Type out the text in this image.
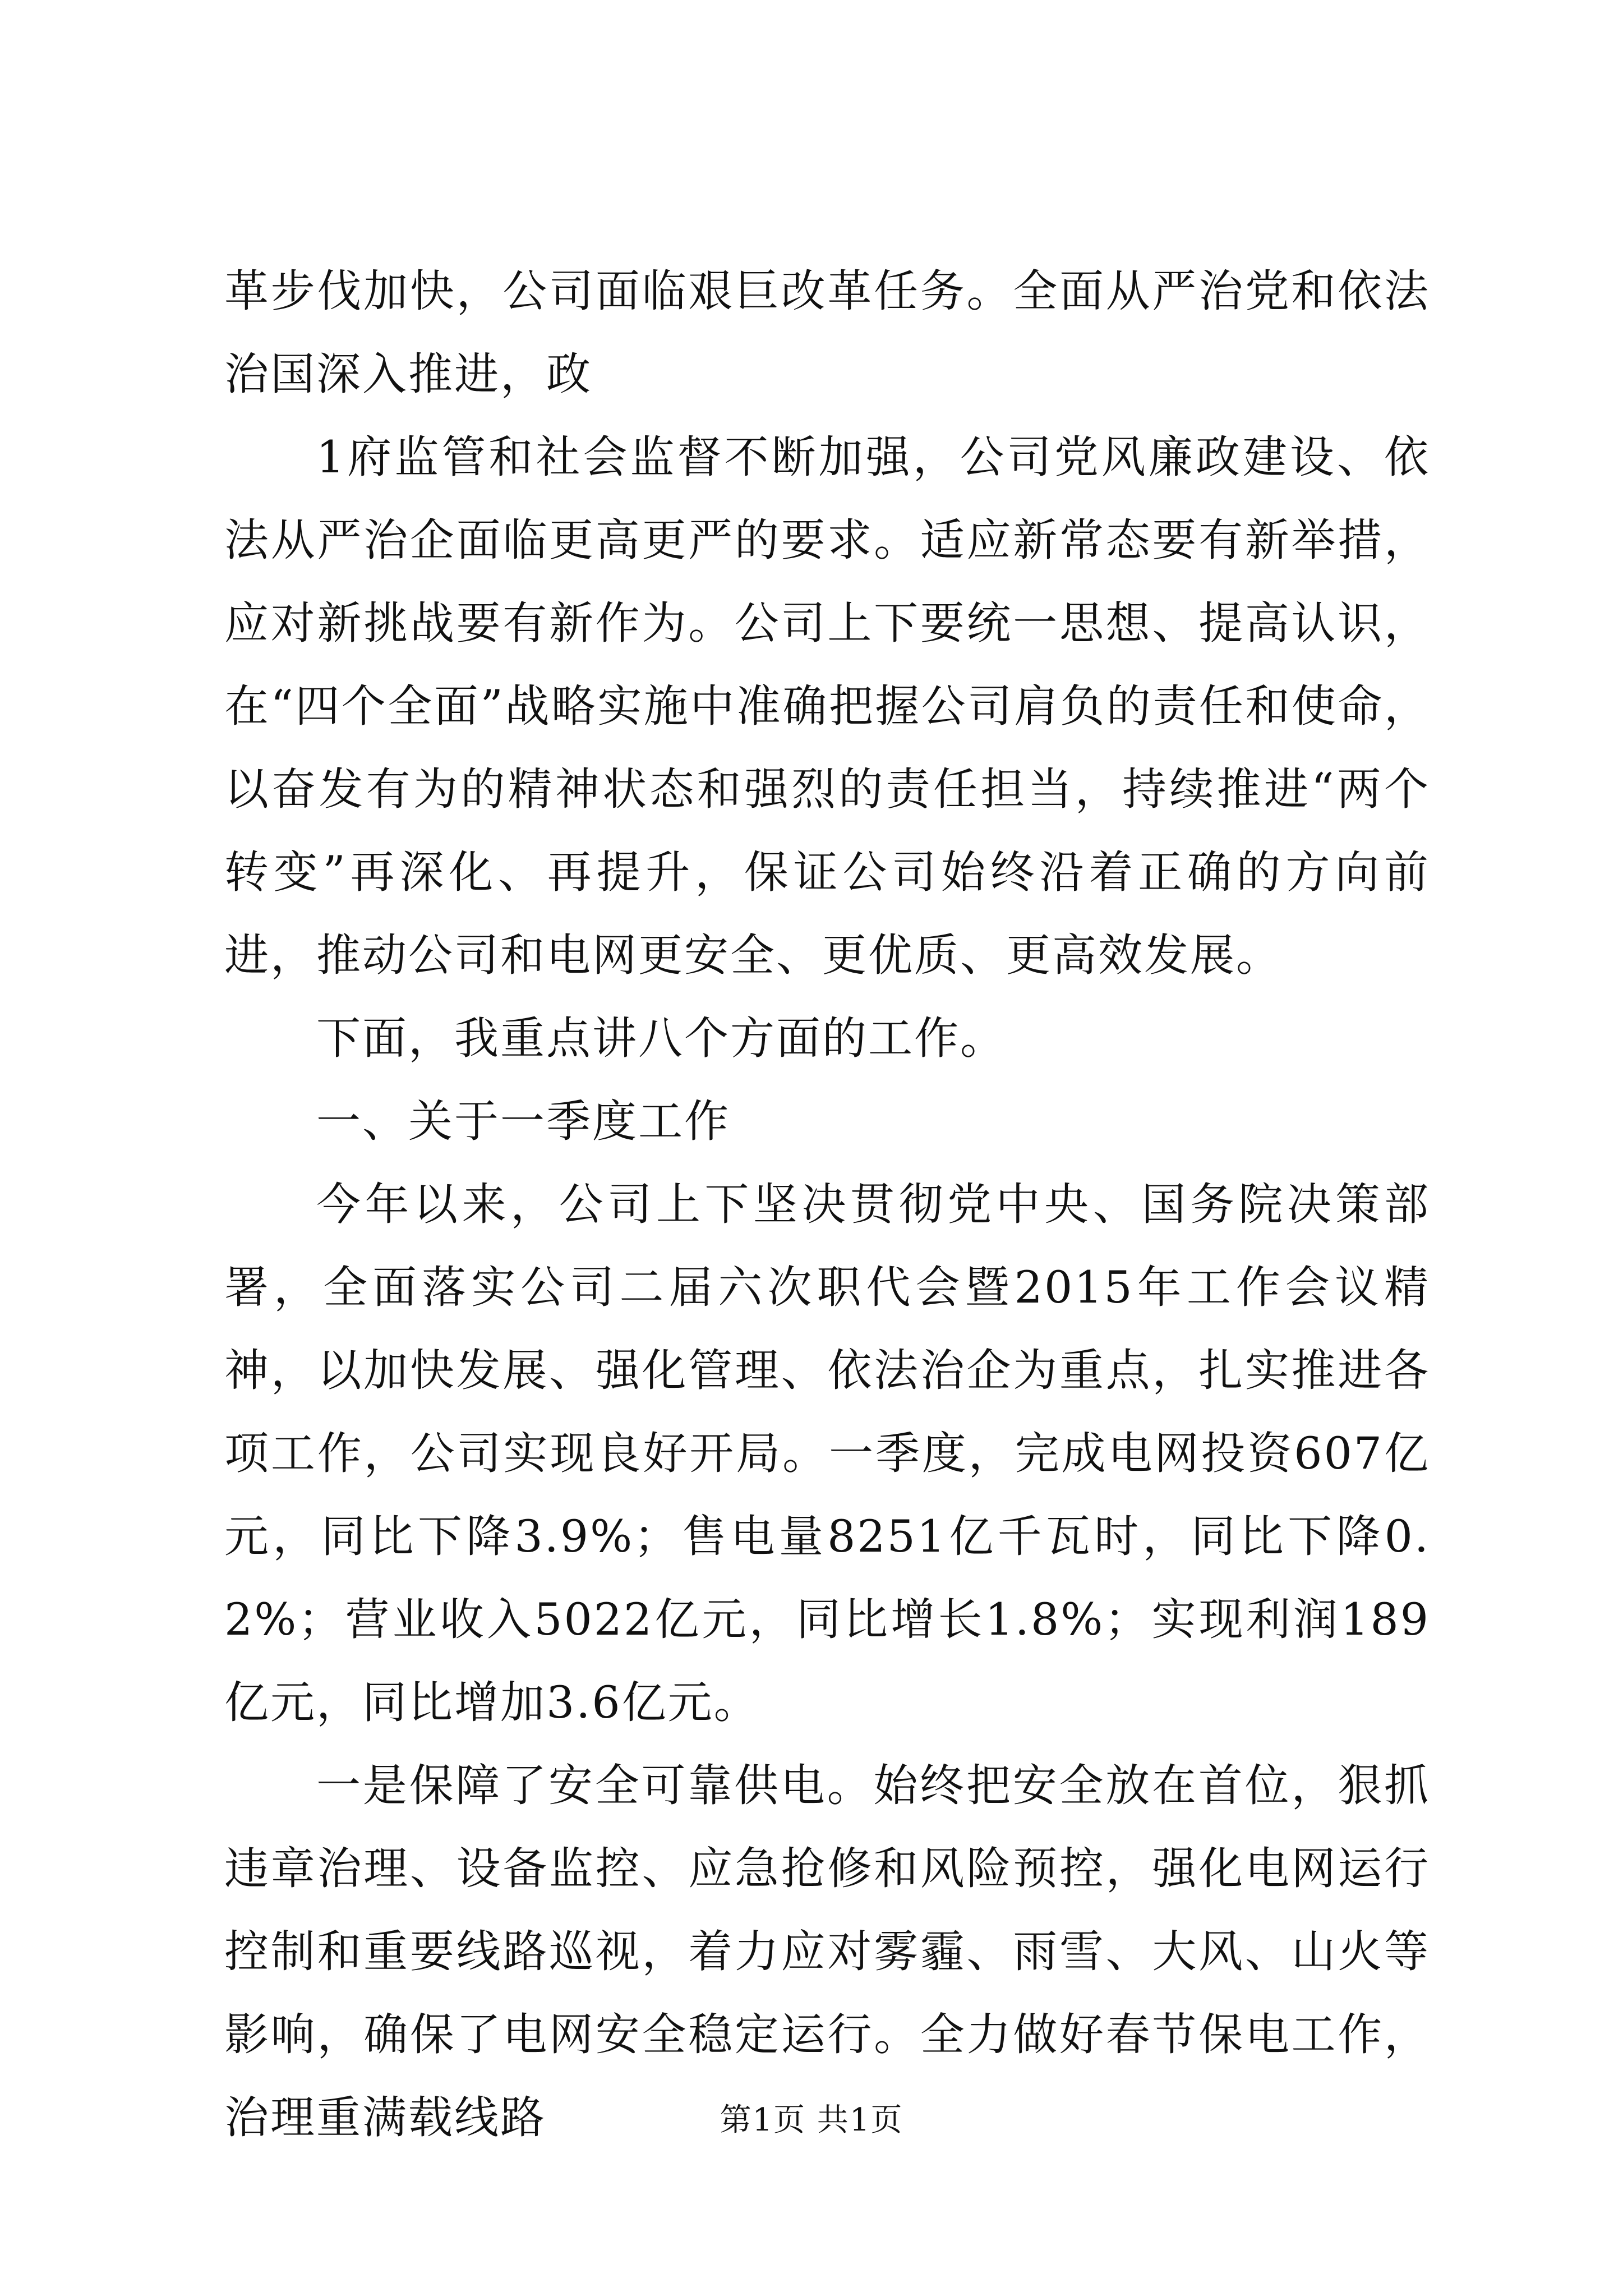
革步伐加快，公司面临艰巨改革任务。全面从严治党和依法治国深入推进，政

1府监管和社会监督不断加强，公司党风廉政建设、依法从严治企面临更高更严的要求。适应新常态要有新举措，应对新挑战要有新作为。公司上下要统一思想、提高认识，在“四个全面”战略实施中准确把握公司肩负的责任和使命，以奋发有为的精神状态和强烈的责任担当，持续推进“两个转变”再深化、再提升，保证公司始终沿着正确的方向前进，推动公司和电网更安全、更优质、更高效发展。

下面，我重点讲八个方面的工作。

一、关于一季度工作

今年以来，公司上下坚决贯彻党中央、国务院决策部署，全面落实公司二届六次职代会暨2015年工作会议精神，以加快发展、强化管理、依法治企为重点，扎实推进各项工作，公司实现良好开局。一季度，完成电网投资607亿元，同比下降3.9%；售电量8251亿千瓦时，同比下降0.2%；营业收入5022亿元，同比增长1.8%；实现利润189亿元，同比增加3.6亿元。

一是保障了安全可靠供电。始终把安全放在首位，狠抓违章治理、设备监控、应急抢修和风险预控，强化电网运行控制和重要线路巡视，着力应对雾霾、雨雪、大风、山火等影响，确保了电网安全稳定运行。全力做好春节保电工作，治理重满载线路	第1页 共1页
